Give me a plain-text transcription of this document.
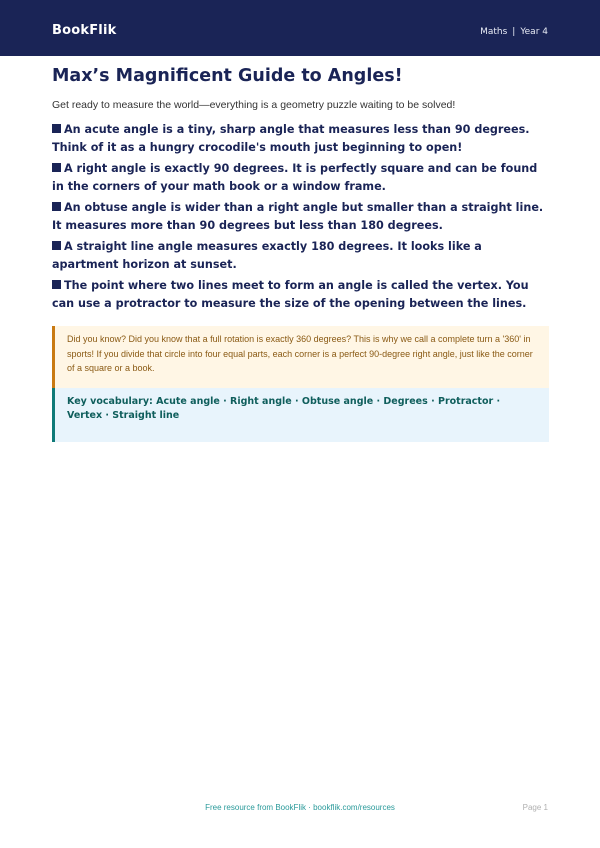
BookFlik	Maths | Year 4
Max’s Magnificent Guide to Angles!

Get ready to measure the world—everything is a geometry puzzle waiting to be solved!

An acute angle is a tiny, sharp angle that measures less than 90 degrees. Think of it as a hungry crocodile's mouth just beginning to open!
A right angle is exactly 90 degrees. It is perfectly square and can be found in the corners of your math book or a window frame.
An obtuse angle is wider than a right angle but smaller than a straight line. It measures more than 90 degrees but less than 180 degrees.
A straight line angle measures exactly 180 degrees. It looks like a apartment horizon at sunset.
The point where two lines meet to form an angle is called the vertex. You can use a protractor to measure the size of the opening between the lines.

Did you know? Did you know that a full rotation is exactly 360 degrees? This is why we call a complete turn a '360' in sports! If you divide that circle into four equal parts, each corner is a perfect 90-degree right angle, just like the corner of a square or a book.

Key vocabulary: Acute angle · Right angle · Obtuse angle · Degrees · Protractor · Vertex · Straight line

Free resource from BookFlik · bookflik.com/resources	Page 1
